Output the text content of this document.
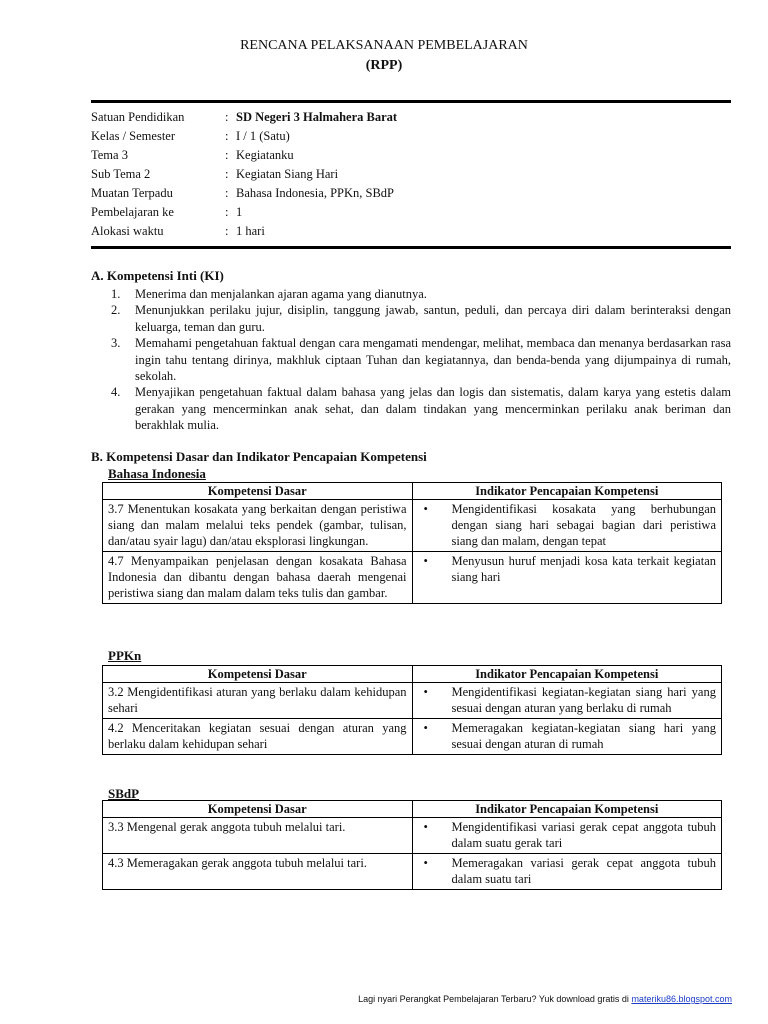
RENCANA PELAKSANAAN PEMBELAJARAN
(RPP)
Satuan Pendidikan	: SD Negeri 3 Halmahera Barat
Kelas / Semester	: I / 1 (Satu)
Tema 3	: Kegiatanku
Sub Tema 2	: Kegiatan Siang Hari
Muatan Terpadu	: Bahasa Indonesia, PPKn, SBdP
Pembelajaran ke	: 1
Alokasi waktu	: 1 hari
A. Kompetensi Inti (KI)
1. Menerima dan menjalankan ajaran agama yang dianutnya.
2. Menunjukkan perilaku jujur, disiplin, tanggung jawab, santun, peduli, dan percaya diri dalam berinteraksi dengan keluarga, teman dan guru.
3. Memahami pengetahuan faktual dengan cara mengamati mendengar, melihat, membaca dan menanya berdasarkan rasa ingin tahu tentang dirinya, makhluk ciptaan Tuhan dan kegiatannya, dan benda-benda yang dijumpainya di rumah, sekolah.
4. Menyajikan pengetahuan faktual dalam bahasa yang jelas dan logis dan sistematis, dalam karya yang estetis dalam gerakan yang mencerminkan anak sehat, dan dalam tindakan yang mencerminkan perilaku anak beriman dan berakhlak mulia.
B. Kompetensi Dasar dan Indikator Pencapaian Kompetensi
Bahasa Indonesia
Kompetensi Dasar	Indikator Pencapaian Kompetensi
3.7 Menentukan kosakata yang berkaitan dengan peristiwa siang dan malam melalui teks pendek (gambar, tulisan, dan/atau syair lagu) dan/atau eksplorasi lingkungan.	• Mengidentifikasi kosakata yang berhubungan dengan siang hari sebagai bagian dari peristiwa siang dan malam, dengan tepat

4.7 Menyampaikan penjelasan dengan kosakata Bahasa Indonesia dan dibantu dengan bahasa daerah mengenai peristiwa siang dan malam dalam teks tulis dan gambar.	• Menyusun huruf menjadi kosa kata terkait kegiatan siang hari
PPKn
Kompetensi Dasar	Indikator Pencapaian Kompetensi
3.2 Mengidentifikasi aturan yang berlaku dalam kehidupan sehari	• Mengidentifikasi kegiatan-kegiatan siang hari yang sesuai dengan aturan yang berlaku di rumah

4.2 Menceritakan kegiatan sesuai dengan aturan yang berlaku dalam kehidupan sehari	• Memeragakan kegiatan-kegiatan siang hari yang sesuai dengan aturan di rumah
SBdP
Kompetensi Dasar	Indikator Pencapaian Kompetensi
3.3 Mengenal gerak anggota tubuh melalui tari.	• Mengidentifikasi variasi gerak cepat anggota tubuh dalam suatu gerak tari

4.3 Memeragakan gerak anggota tubuh melalui tari.	• Memeragakan variasi gerak cepat anggota tubuh dalam suatu tari
Lagi nyari Perangkat Pembelajaran Terbaru? Yuk download gratis di materiku86.blogspot.com
